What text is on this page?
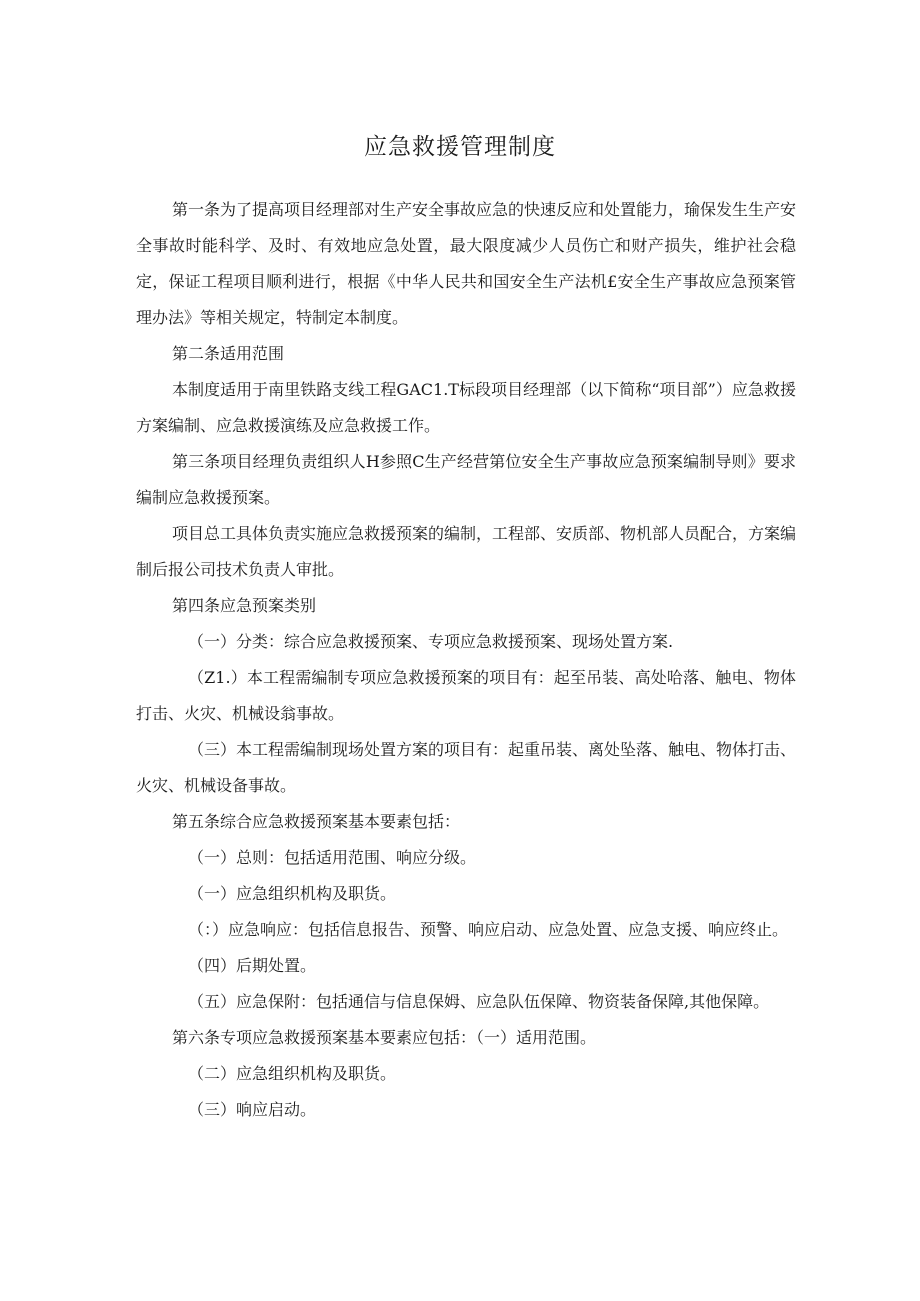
应急救援管理制度

第一条为了提高项目经理部对生产安全事故应急的快速反应和处置能力，瑜保发生生产安全事故时能科学、及时、有效地应急处置，最大限度减少人员伤亡和财产损失，维护社会稳定，保证工程项目顺利进行，根据《中华人民共和国安全生产法机£安全生产事故应急预案管理办法》等相关规定，特制定本制度。

第二条适用范围

本制度适用于南里铁路支线工程GAC1.T标段项目经理部（以下简称“项目部”）应急救援方案编制、应急救援演练及应急救援工作。

第三条项目经理负责组织人H参照C生产经营第位安全生产事故应急预案编制导则》要求编制应急救援预案。

项目总工具体负责实施应急救援预案的编制，工程部、安质部、物机部人员配合，方案编制后报公司技术负责人审批。

第四条应急预案类别

（一）分类：综合应急救援预案、专项应急救援预案、现场处置方案.

（Z1.）本工程需编制专项应急救援预案的项目有：起至吊装、高处哈落、触电、物体打击、火灾、机械设翁事故。

（三）本工程需编制现场处置方案的项目有：起重吊装、离处坠落、触电、物体打击、火灾、机械设备事故。

第五条综合应急救援预案基本要素包括：

（一）总则：包括适用范围、响应分级。

（一）应急组织机构及职货。

（：）应急响应：包括信息报告、预警、响应启动、应急处置、应急支援、响应终止。

（四）后期处置。

（五）应急保附：包括通信与信息保姆、应急队伍保障、物资装备保障,其他保障。

第六条专项应急救援预案基本要素应包括：（一）适用范围。

（二）应急组织机构及职货。

（三）响应启动。
